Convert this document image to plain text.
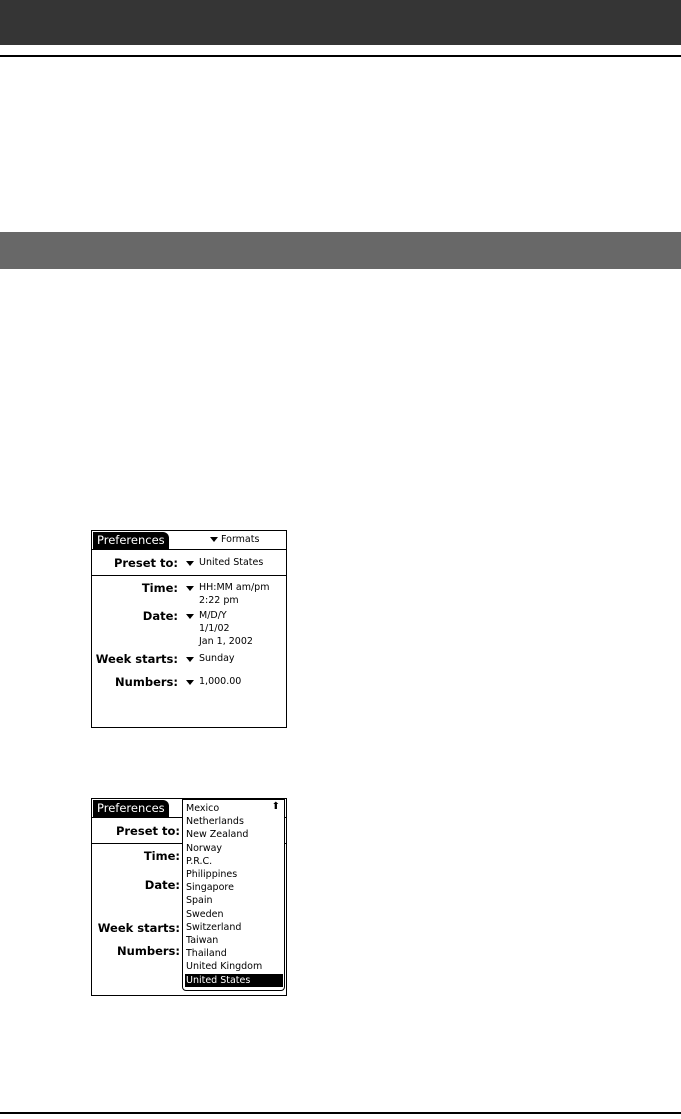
Preferences	Formats
Preset to: United States
Time: HH:MM am/pm
2:22 pm
Date: M/D/Y
1/1/02
Jan 1, 2002
Week starts: Sunday
Numbers: 1,000.00
Preferences
Preset to:
Time:
Date:
Week starts:
Numbers:
⬆
Mexico
Netherlands
New Zealand
Norway
P.R.C.
Philippines
Singapore
Spain
Sweden
Switzerland
Taiwan
Thailand
United Kingdom
United States
